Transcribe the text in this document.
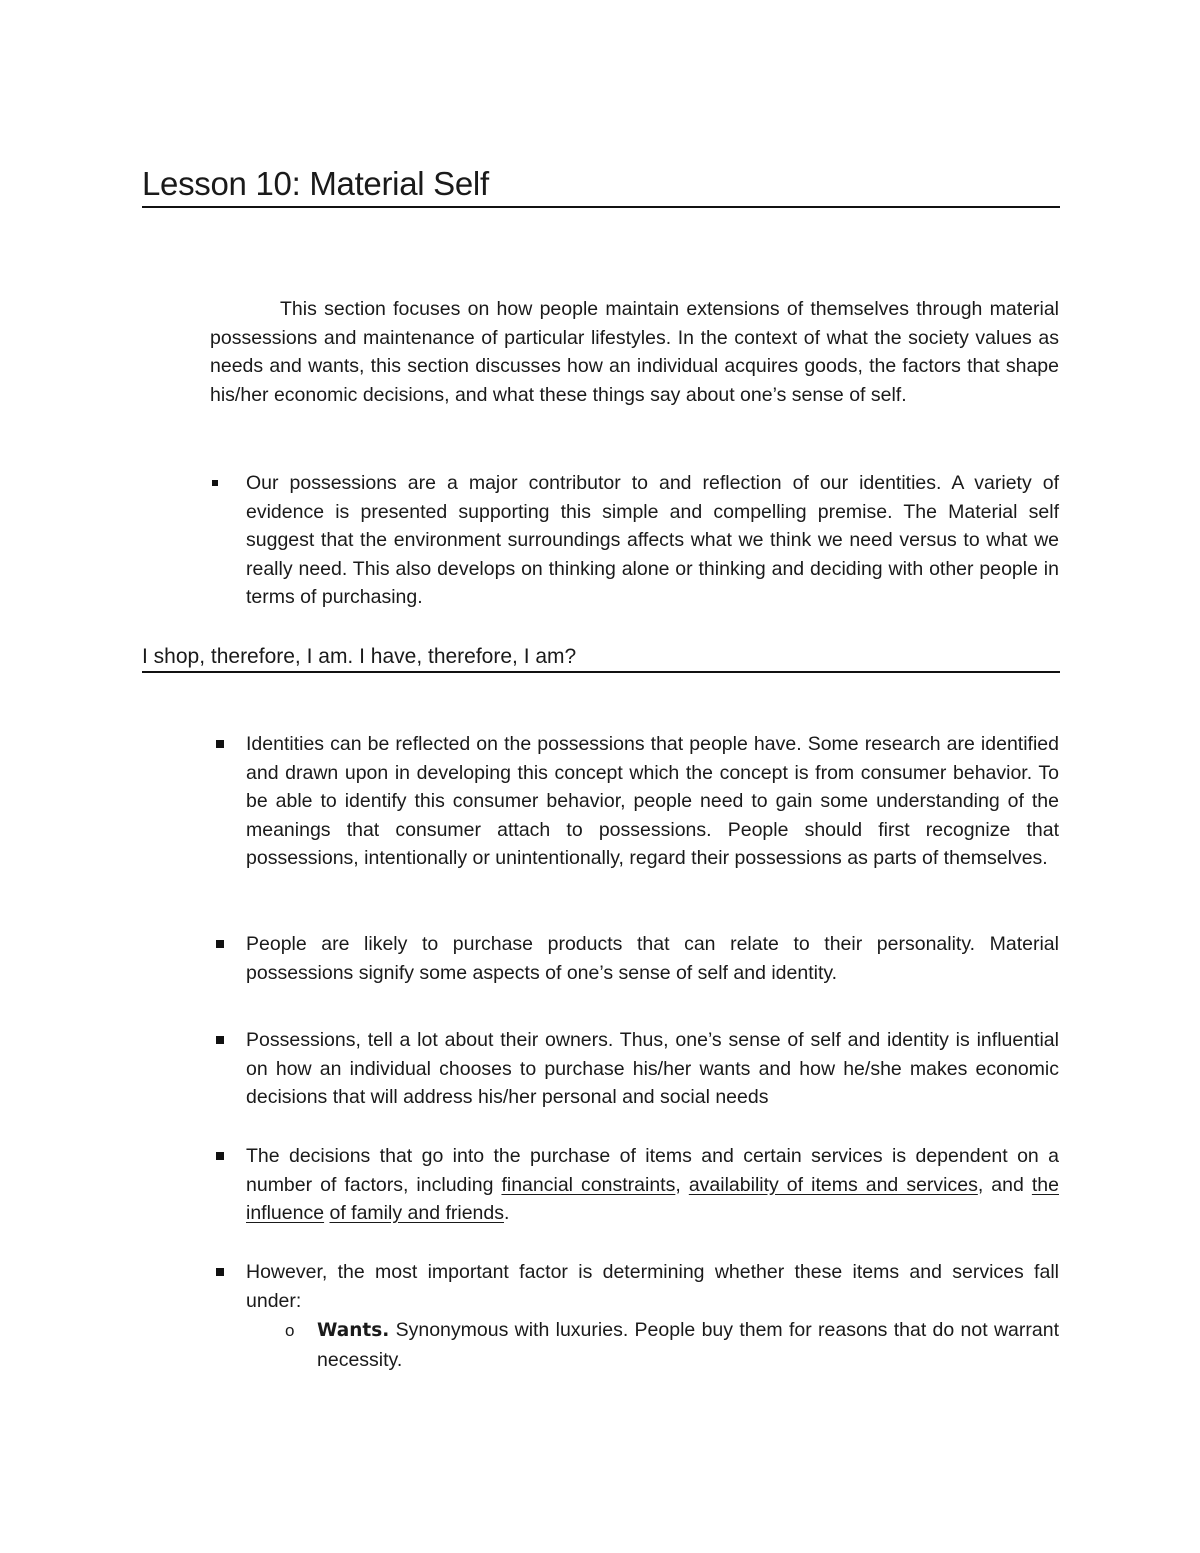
Lesson 10: Material Self

This section focuses on how people maintain extensions of themselves through material possessions and maintenance of particular lifestyles. In the context of what the society values as needs and wants, this section discusses how an individual acquires goods, the factors that shape his/her economic decisions, and what these things say about one’s sense of self.

Our possessions are a major contributor to and reflection of our identities. A variety of evidence is presented supporting this simple and compelling premise. The Material self suggest that the environment surroundings affects what we think we need versus to what we really need. This also develops on thinking alone or thinking and deciding with other people in terms of purchasing.
I shop, therefore, I am. I have, therefore, I am?
Identities can be reflected on the possessions that people have. Some research are identified and drawn upon in developing this concept which the concept is from consumer behavior. To be able to identify this consumer behavior, people need to gain some understanding of the meanings that consumer attach to possessions. People should first recognize that possessions, intentionally or unintentionally, regard their possessions as parts of themselves.
People are likely to purchase products that can relate to their personality. Material possessions signify some aspects of one’s sense of self and identity.
Possessions, tell a lot about their owners. Thus, one’s sense of self and identity is influential on how an individual chooses to purchase his/her wants and how he/she makes economic decisions that will address his/her personal and social needs
The decisions that go into the purchase of items and certain services is dependent on a number of factors, including financial constraints, availability of items and services, and the influence of family and friends.
However, the most important factor is determining whether these items and services fall under:
o Wants. Synonymous with luxuries. People buy them for reasons that do not warrant necessity.
